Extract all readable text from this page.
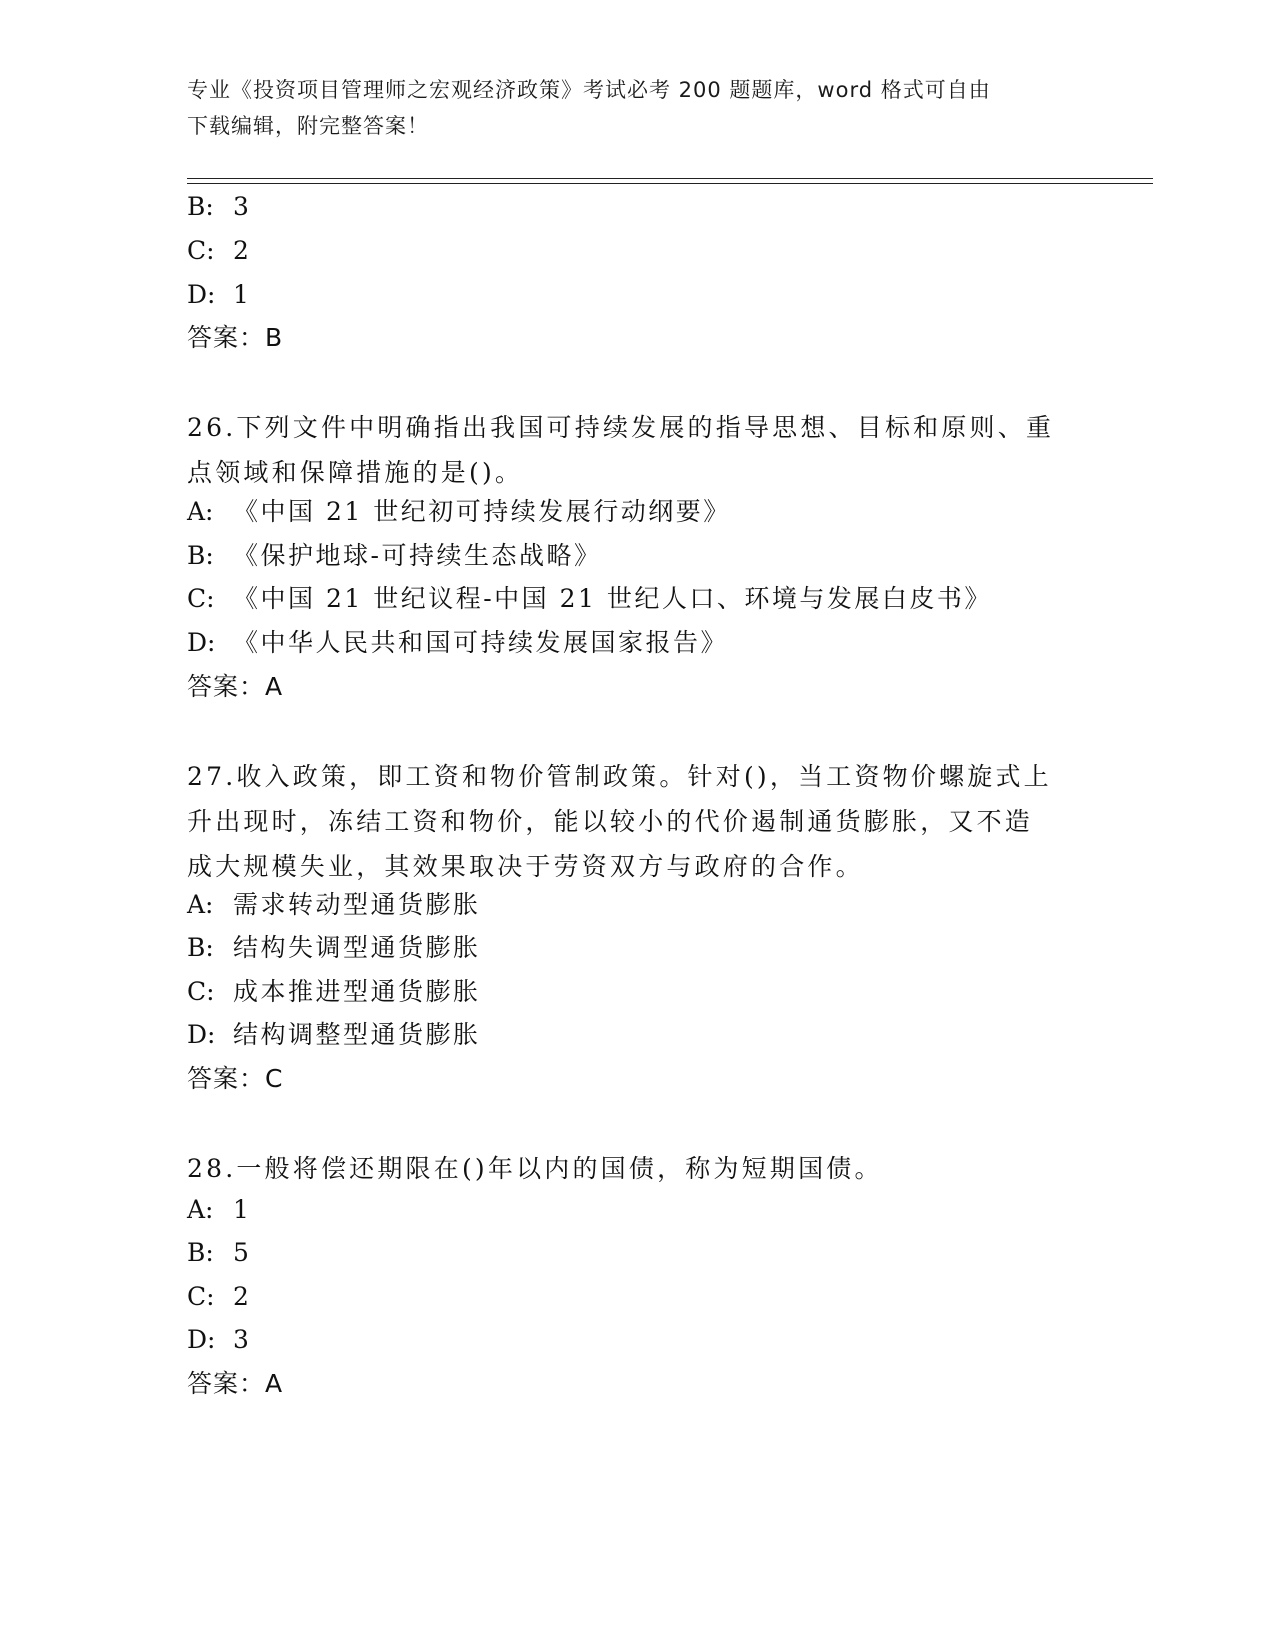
专业《投资项目管理师之宏观经济政策》考试必考 200 题题库，word 格式可自由
下载编辑，附完整答案！
B: 3
C: 2
D: 1
答案：B
26.下列文件中明确指出我国可持续发展的指导思想、目标和原则、重
点领域和保障措施的是()。
A: 《中国 21 世纪初可持续发展行动纲要》
B: 《保护地球-可持续生态战略》
C: 《中国 21 世纪议程-中国 21 世纪人口、环境与发展白皮书》
D: 《中华人民共和国可持续发展国家报告》
答案：A
27.收入政策，即工资和物价管制政策。针对()，当工资物价螺旋式上
升出现时，冻结工资和物价，能以较小的代价遏制通货膨胀，又不造
成大规模失业，其效果取决于劳资双方与政府的合作。
A: 需求转动型通货膨胀
B: 结构失调型通货膨胀
C: 成本推进型通货膨胀
D: 结构调整型通货膨胀
答案：C
28.一般将偿还期限在()年以内的国债，称为短期国债。
A: 1
B: 5
C: 2
D: 3
答案：A
